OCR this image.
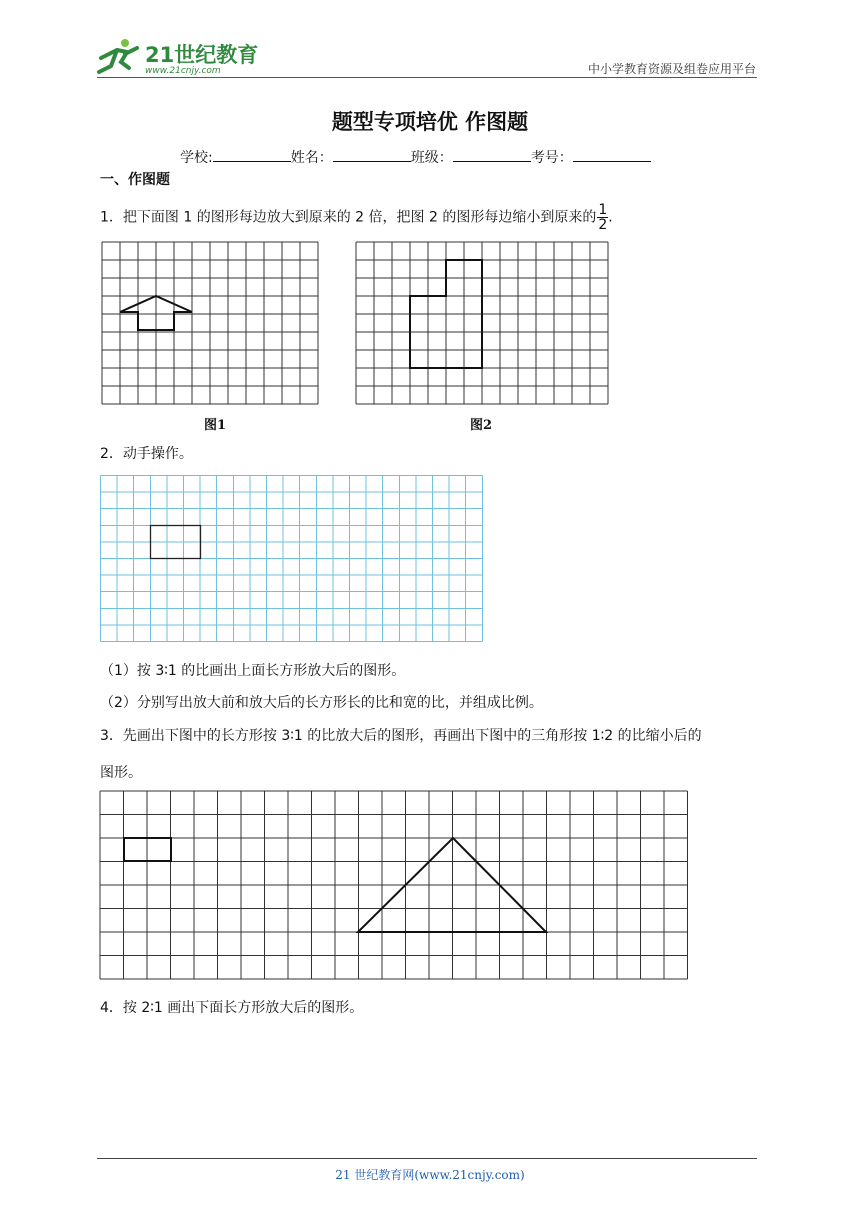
21世纪教育
www.21cnjy.com	中小学教育资源及组卷应用平台
题型专项培优 作图题
学校:	姓名：	班级：	考号：
一、作图题
1．把下面图 1 的图形每边放大到原来的 2 倍，把图 2 的图形每边缩小到原来的 $\frac{1}{2}$ .
图1	图2
2．动手操作。
（1）按 3∶1 的比画出上面长方形放大后的图形。
（2）分别写出放大前和放大后的长方形长的比和宽的比，并组成比例。
3．先画出下图中的长方形按 3∶1 的比放大后的图形，再画出下图中的三角形按 1∶2 的比缩小后的
图形。
4．按 2∶1 画出下面长方形放大后的图形。
21 世纪教育网(www.21cnjy.com)
